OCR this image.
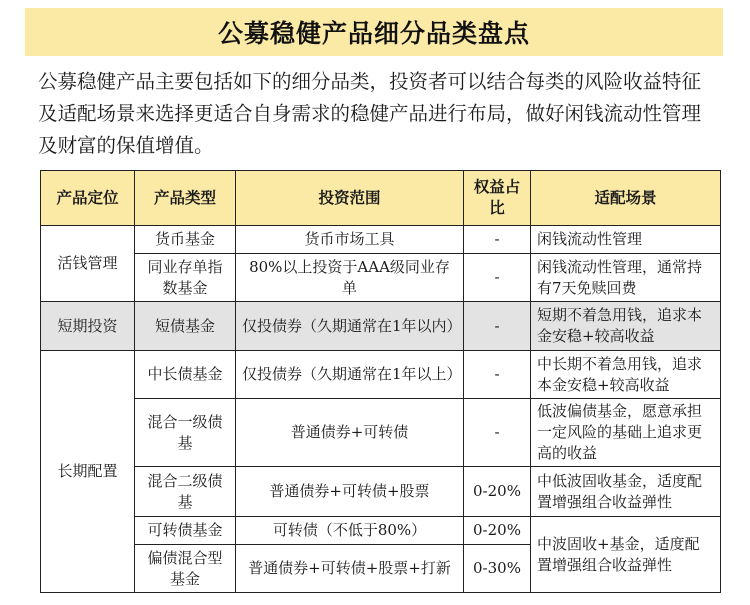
公募稳健产品细分品类盘点

公募稳健产品主要包括如下的细分品类，投资者可以结合每类的风险收益特征及适配场景来选择更适合自身需求的稳健产品进行布局，做好闲钱流动性管理及财富的保值增值。

产品定位	产品类型	投资范围	权益占比	适配场景
活钱管理	货币基金	货币市场工具	-	闲钱流动性管理
	同业存单指数基金	80%以上投资于AAA级同业存单	-	闲钱流动性管理，通常持有7天免赎回费
短期投资	短债基金	仅投债券（久期通常在1年以内）	-	短期不着急用钱，追求本金安稳+较高收益
长期配置	中长债基金	仅投债券（久期通常在1年以上）	-	中长期不着急用钱，追求本金安稳+较高收益
	混合一级债基	普通债券+可转债	-	低波偏债基金，愿意承担一定风险的基础上追求更高的收益
	混合二级债基	普通债券+可转债+股票	0-20%	中低波固收基金，适度配置增强组合收益弹性
	可转债基金	可转债（不低于80%）	0-20%	中波固收+基金，适度配置增强组合收益弹性
	偏债混合型基金	普通债券+可转债+股票+打新	0-30%	
